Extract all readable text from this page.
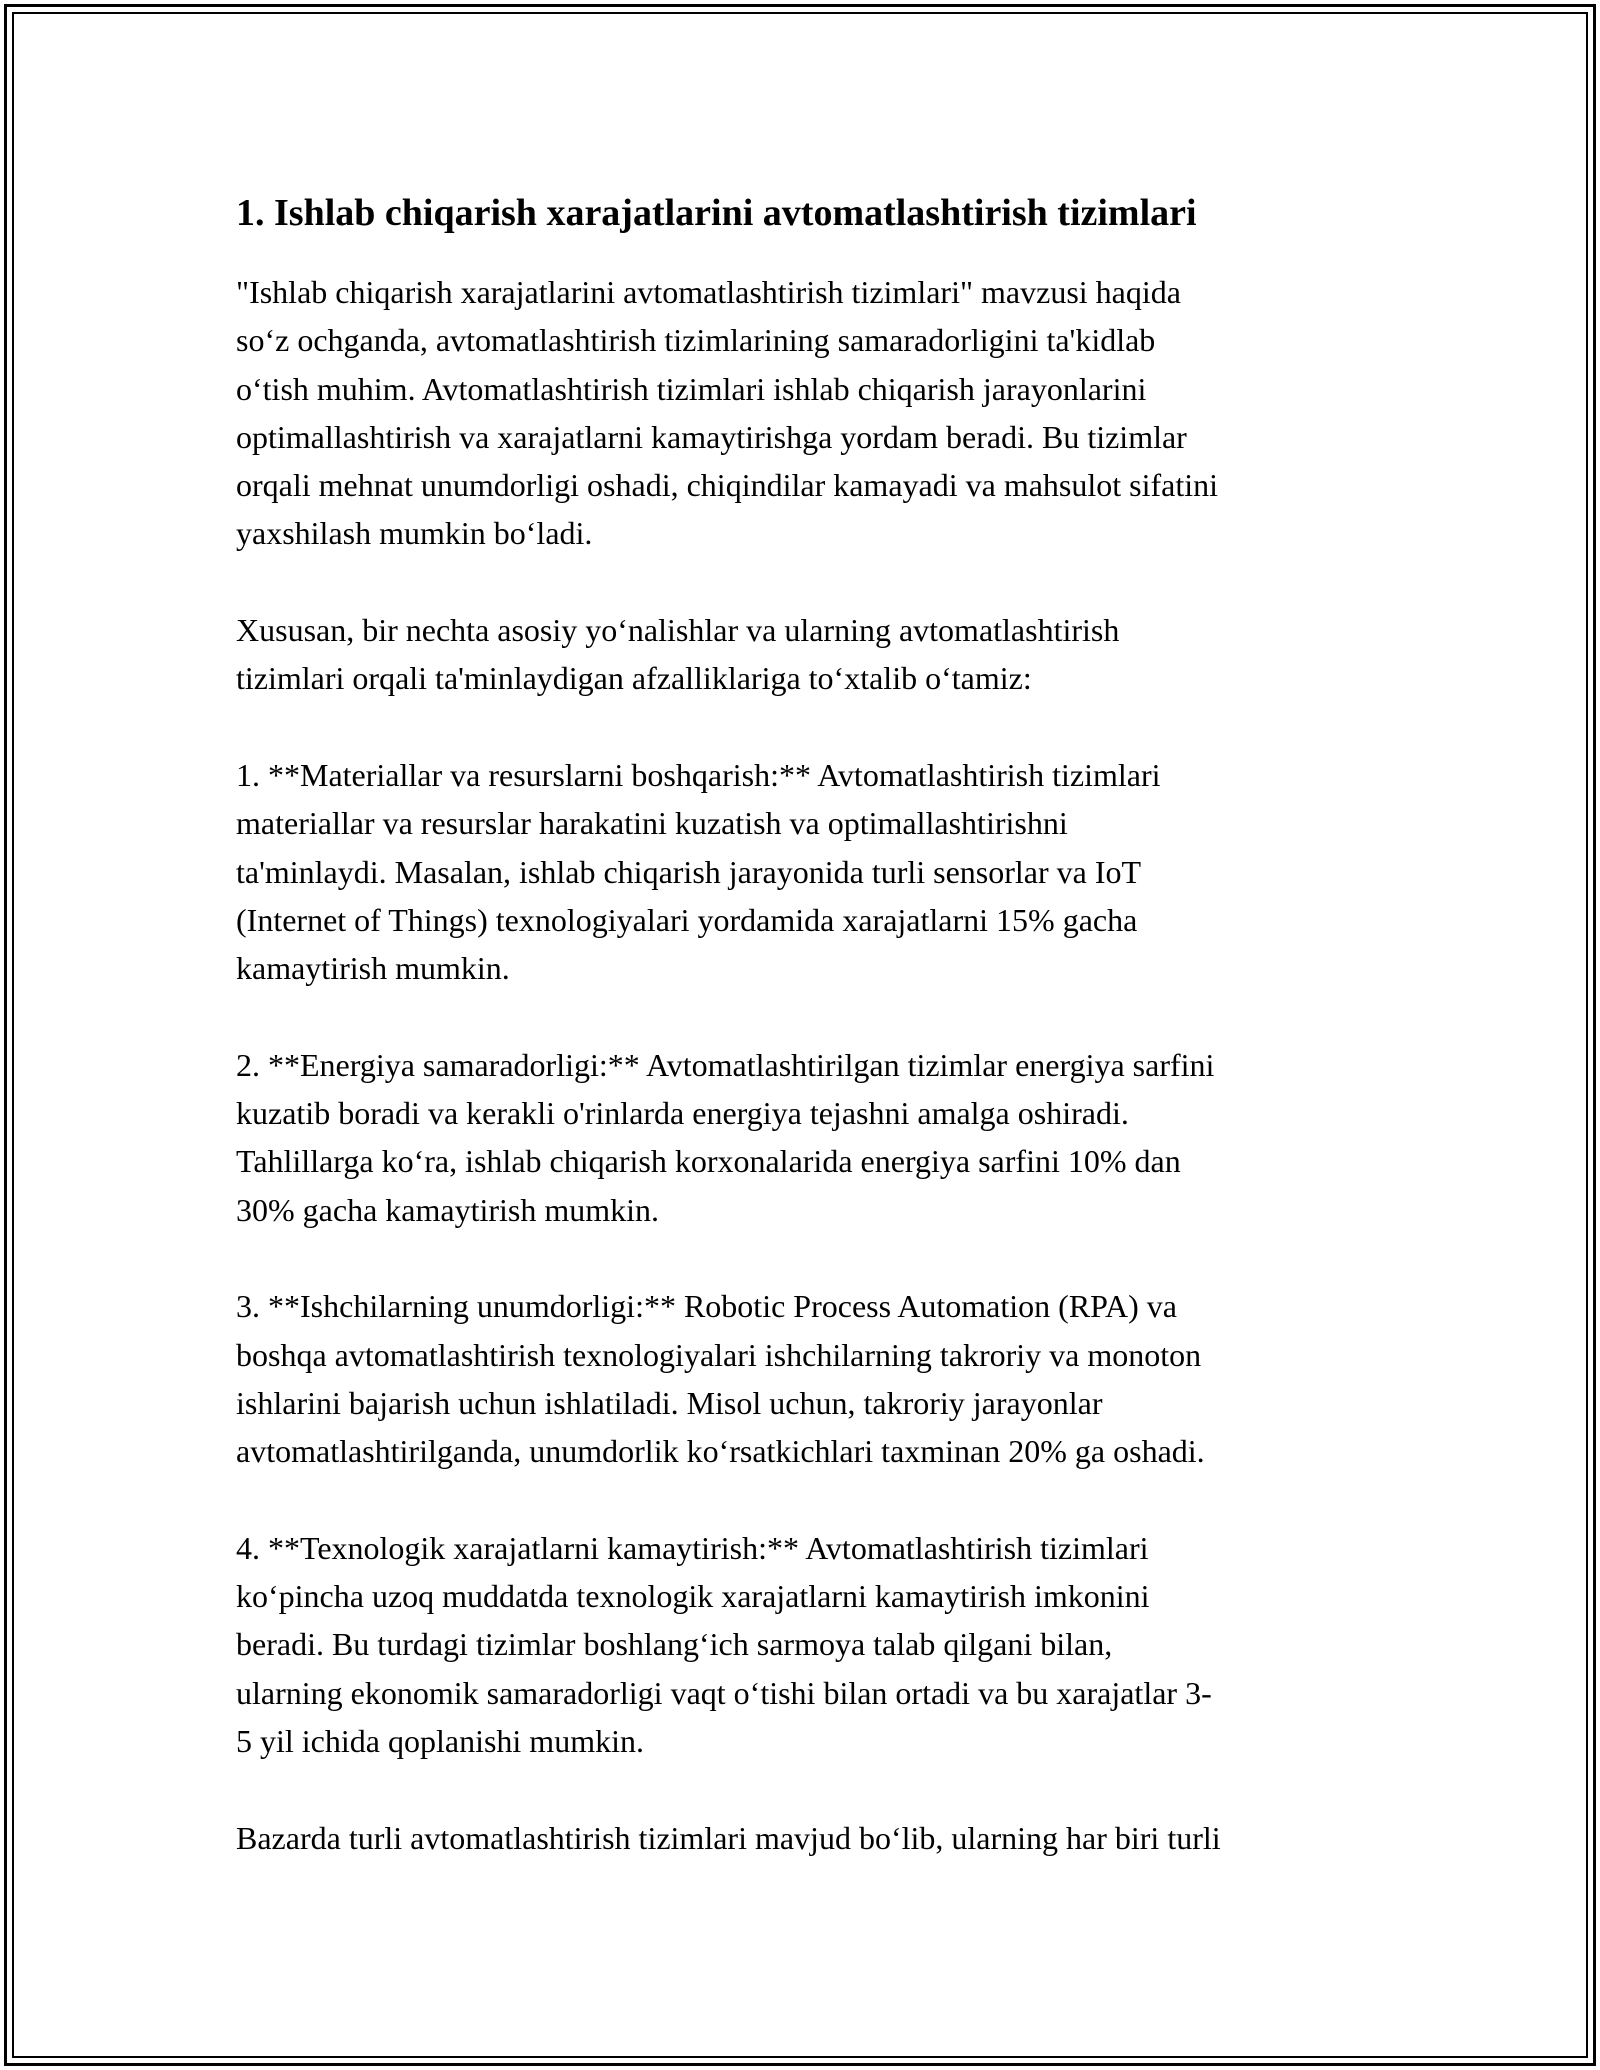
1. Ishlab chiqarish xarajatlarini avtomatlashtirish tizimlari

"Ishlab chiqarish xarajatlarini avtomatlashtirish tizimlari" mavzusi haqida
so‘z ochganda, avtomatlashtirish tizimlarining samaradorligini ta'kidlab
o‘tish muhim. Avtomatlashtirish tizimlari ishlab chiqarish jarayonlarini
optimallashtirish va xarajatlarni kamaytirishga yordam beradi. Bu tizimlar
orqali mehnat unumdorligi oshadi, chiqindilar kamayadi va mahsulot sifatini
yaxshilash mumkin bo‘ladi.

Xususan, bir nechta asosiy yo‘nalishlar va ularning avtomatlashtirish
tizimlari orqali ta'minlaydigan afzalliklariga to‘xtalib o‘tamiz:

1. **Materiallar va resurslarni boshqarish:** Avtomatlashtirish tizimlari
materiallar va resurslar harakatini kuzatish va optimallashtirishni
ta'minlaydi. Masalan, ishlab chiqarish jarayonida turli sensorlar va IoT
(Internet of Things) texnologiyalari yordamida xarajatlarni 15% gacha
kamaytirish mumkin.

2. **Energiya samaradorligi:** Avtomatlashtirilgan tizimlar energiya sarfini
kuzatib boradi va kerakli o'rinlarda energiya tejashni amalga oshiradi.
Tahlillarga ko‘ra, ishlab chiqarish korxonalarida energiya sarfini 10% dan
30% gacha kamaytirish mumkin.

3. **Ishchilarning unumdorligi:** Robotic Process Automation (RPA) va
boshqa avtomatlashtirish texnologiyalari ishchilarning takroriy va monoton
ishlarini bajarish uchun ishlatiladi. Misol uchun, takroriy jarayonlar
avtomatlashtirilganda, unumdorlik ko‘rsatkichlari taxminan 20% ga oshadi.

4. **Texnologik xarajatlarni kamaytirish:** Avtomatlashtirish tizimlari
ko‘pincha uzoq muddatda texnologik xarajatlarni kamaytirish imkonini
beradi. Bu turdagi tizimlar boshlang‘ich sarmoya talab qilgani bilan,
ularning ekonomik samaradorligi vaqt o‘tishi bilan ortadi va bu xarajatlar 3-
5 yil ichida qoplanishi mumkin.

Bazarda turli avtomatlashtirish tizimlari mavjud bo‘lib, ularning har biri turli
